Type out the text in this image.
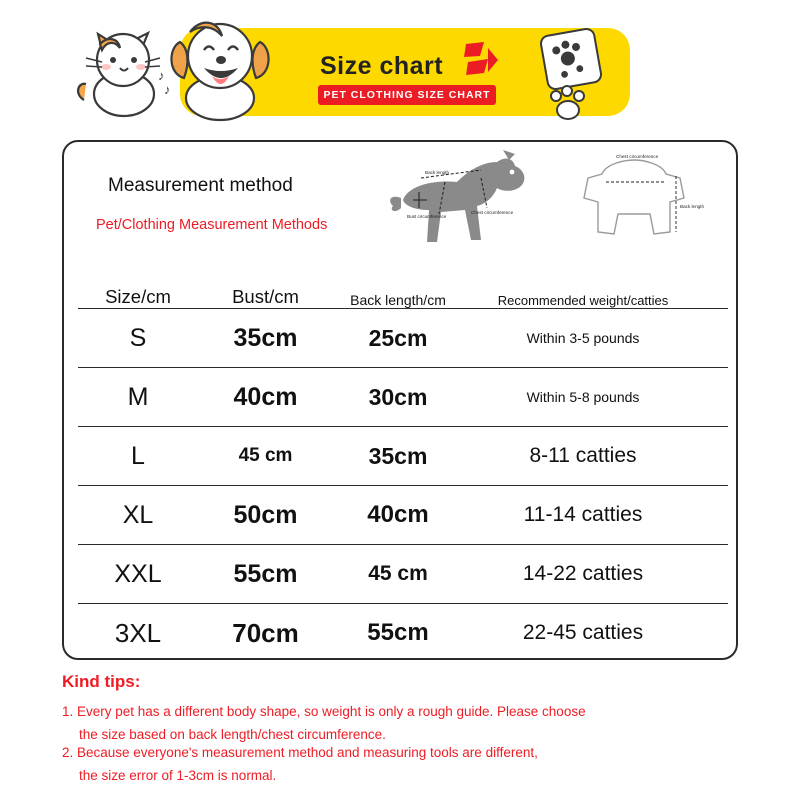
Size chart
PET CLOTHING SIZE CHART
♪
♪
Measurement method
Pet/Clothing Measurement Methods
Back length
Bust circumference
Chest circumference
Chest circumference
Back length
Size/cm	Bust/cm	Back length/cm	Recommended weight/catties
S	35cm	25cm	Within 3-5 pounds
M	40cm	30cm	Within 5-8 pounds
L	45 cm	35cm	8-11 catties
XL	50cm	40cm	11-14 catties
XXL	55cm	45 cm	14-22 catties
3XL	70cm	55cm	22-45 catties
Kind tips:
1. Every pet has a different body shape, so weight is only a rough guide. Please choose
the size based on back length/chest circumference.
2. Because everyone's measurement method and measuring tools are different,
the size error of 1-3cm is normal.
